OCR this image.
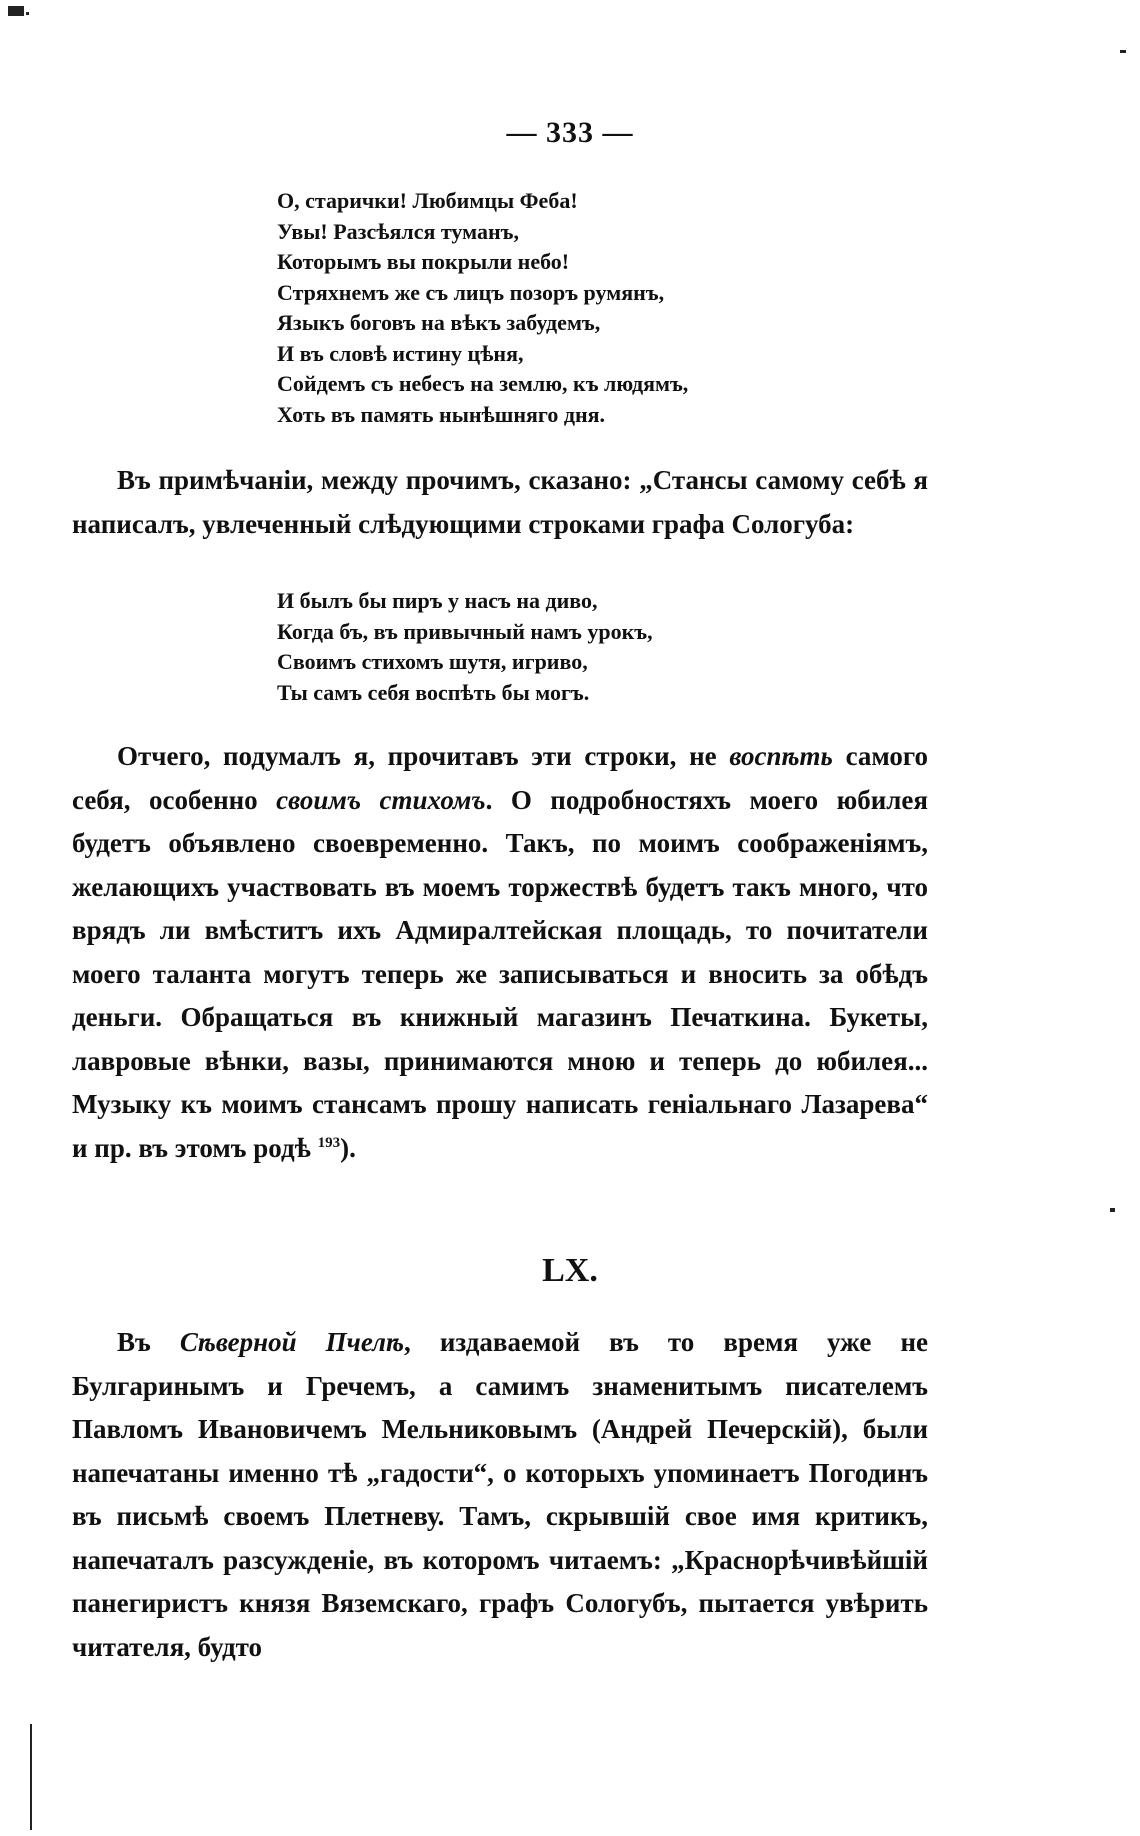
— 333 —
О, старички! Любимцы Феба!
Увы! Разсѣялся туманъ,
Которымъ вы покрыли небо!
Стряхнемъ же съ лицъ позоръ румянъ,
Языкъ боговъ на вѣкъ забудемъ,
И въ словѣ истину цѣня,
Сойдемъ съ небесъ на землю, къ людямъ,
Хоть въ память нынѣшняго дня.
Въ примѣчаніи, между прочимъ, сказано: „Стансы самому себѣ я написалъ, увлеченный слѣдующими строками графа Сологуба:
И былъ бы пиръ у насъ на диво,
Когда бъ, въ привычный намъ урокъ,
Своимъ стихомъ шутя, игриво,
Ты самъ себя воспѣть бы могъ.
Отчего, подумалъ я, прочитавъ эти строки, не воспѣть самого себя, особенно своимъ стихомъ. О подробностяхъ моего юбилея будетъ объявлено своевременно. Такъ, по моимъ соображеніямъ, желающихъ участвовать въ моемъ торжествѣ будетъ такъ много, что врядъ ли вмѣститъ ихъ Адмиралтейская площадь, то почитатели моего таланта могутъ теперь же записываться и вносить за обѣдъ деньги. Обращаться въ книжный магазинъ Печаткина. Букеты, лавровые вѣнки, вазы, принимаются мною и теперь до юбилея... Музыку къ моимъ стансамъ прошу написать геніальнаго Лазарева“ и пр. въ этомъ родѣ $^{193}$).
LX.
Въ Сѣверной Пчелѣ, издаваемой въ то время уже не Булгаринымъ и Гречемъ, а самимъ знаменитымъ писателемъ Павломъ Ивановичемъ Мельниковымъ (Андрей Печерскій), были напечатаны именно тѣ „гадости“, о которыхъ упоминаетъ Погодинъ въ письмѣ своемъ Плетневу. Тамъ, скрывшій свое имя критикъ, напечаталъ разсужденіе, въ которомъ читаемъ: „Краснорѣчивѣйшій панегиристъ князя Вяземскаго, графъ Сологубъ, пытается увѣрить читателя, будто
